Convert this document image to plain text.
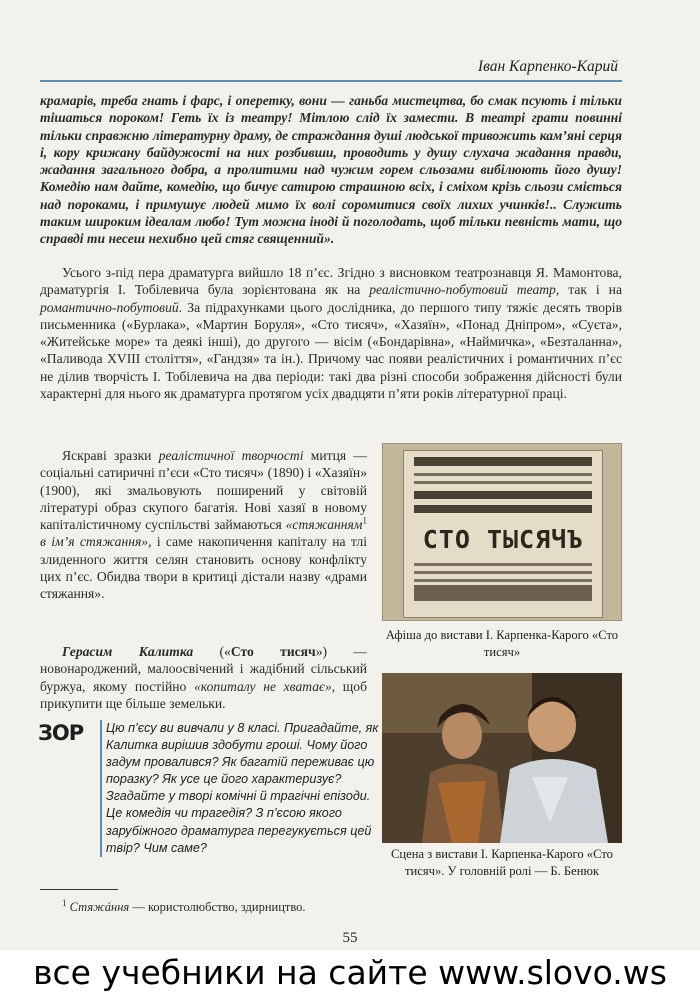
Іван Карпенко-Карий
крамарів, треба гнать і фарс, і оперетку, вони — ганьба мистецтва, бо смак псують і тільки тішаться пороком! Геть їх із театру! Мітлою слід їх замести. В театрі грати повинні тільки справжню літературну драму, де страждання душі людської тривожить кам’яні серця і, кору крижану байдужості на них розбивши, проводить у душу слухача жадання правди, жадання загального добра, а пролитими над чужим горем сльозами вибілюють його душу! Комедію нам дайте, комедію, що бичує сатирою страшною всіх, і сміхом крізь сльози сміється над пороками, і примушує людей мимо їх волі соромитися своїх лихих учинків!.. Служить таким широким ідеалам любо! Тут можна іноді й поголодать, щоб тільки певність мати, що справді ти несеш нехибно цей стяг священний».

Усього з-під пера драматурга вийшло 18 п’єс. Згідно з висновком театрознавця Я. Мамонтова, драматургія І. Тобілевича була зорієнтована як на реалістично-побутовий театр, так і на романтично-побутовий. За підрахунками цього дослідника, до першого типу тяжіє десять творів письменника («Бурлака», «Мартин Боруля», «Сто тисяч», «Хазяїн», «Понад Дніпром», «Суєта», «Житейське море» та деякі інші), до другого — вісім («Бондарівна», «Наймичка», «Безталанна», «Паливода XVIII століття», «Гандзя» та ін.). Причому час появи реалістичних і романтичних п’єс не ділив творчість І. Тобілевича на два періоди: такі два різні способи зображення дійсності були характерні для нього як драматурга протягом усіх двадцяти п’яти років літературної праці.

Яскраві зразки реалістичної творчості митця — соціальні сатиричні п’єси «Сто тисяч» (1890) і «Хазяїн» (1900), які змальовують поширений у світовій літературі образ скупого багатія. Нові хазяї в новому капіталістичному суспільстві займаються «стяжанням$^1$ в ім’я стяжання», і саме накопичення капіталу на тлі злиденного життя селян становить основу конфлікту цих п’єс. Обидва твори в критиці дістали назву «драми стяжання».

Герасим Калитка («Сто тисяч») — новонароджений, малоосвічений і жадібний сільський буржуа, якому постійно «копиталу не хватає», щоб прикупити ще більше земельки.

СТО ТЫСЯЧЪ
Афіша до вистави І. Карпенка-Карого «Сто тисяч»
Сцена з вистави І. Карпенка-Карого «Сто тисяч». У головній ролі — Б. Бенюк
ЗОР	Цю п’єсу ви вивчали у 8 класі. Пригадайте, як Калитка вирішив здобути гроші. Чому його задум провалився? Як багатій переживає цю поразку? Як усе це його характеризує? Згадайте у творі комічні й трагічні епізоди. Це комедія чи трагедія? З п’єсою якого зарубіжного драматурга перегукується цей твір? Чим саме?
$^1$ Стяжáння — користолюбство, здирництво.
55
все учебники на сайте www.slovo.ws
